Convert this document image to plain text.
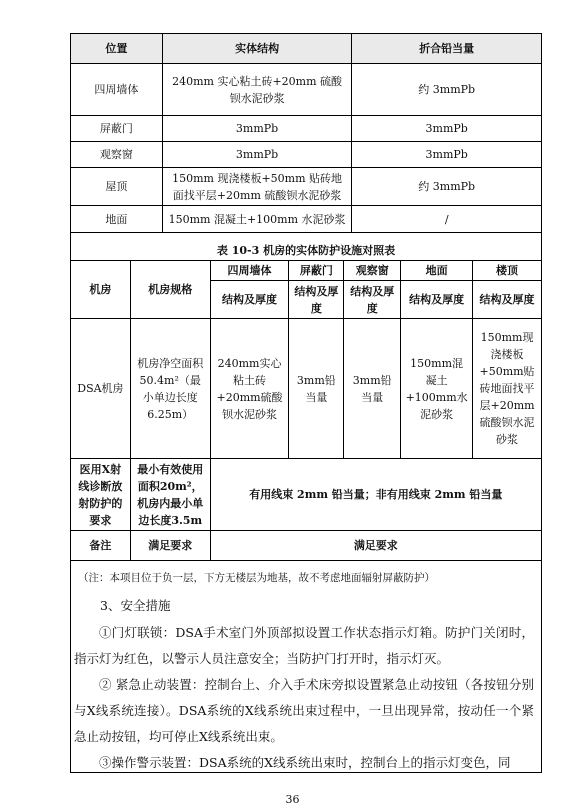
位置	实体结构	折合铅当量
四周墙体	240mm 实心粘土砖+20mm 硫酸钡水泥砂浆	约 3mmPb
屏蔽门	3mmPb	3mmPb
观察窗	3mmPb	3mmPb
屋顶	150mm 现浇楼板+50mm 贴砖地面找平层+20mm 硫酸钡水泥砂浆	约 3mmPb
地面	150mm 混凝土+100mm 水泥砂浆	/
表 10-3 机房的实体防护设施对照表
机房	机房规格	四周墙体	屏蔽门	观察窗	地面	楼顶
		结构及厚度	结构及厚度	结构及厚度	结构及厚度	结构及厚度
DSA机房	机房净空面积50.4m²（最小单边长度6.25m）	240mm实心粘土砖+20mm硫酸钡水泥砂浆	3mm铅当量	3mm铅当量	150mm混凝土+100mm水泥砂浆	150mm现浇楼板+50mm贴砖地面找平层+20mm硫酸钡水泥砂浆
医用X射线诊断放射防护的要求	最小有效使用面积20m²，机房内最小单边长度3.5m	有用线束 2mm 铅当量；非有用线束 2mm 铅当量				
备注	满足要求	满足要求				
（注：本项目位于负一层，下方无楼层为地基，故不考虑地面辐射屏蔽防护）
3、安全措施

①门灯联锁：DSA手术室门外顶部拟设置工作状态指示灯箱。防护门关闭时，指示灯为红色，以警示人员注意安全；当防护门打开时，指示灯灭。

② 紧急止动装置：控制台上、介入手术床旁拟设置紧急止动按钮（各按钮分别与X线系统连接）。DSA系统的X线系统出束过程中，一旦出现异常，按动任一个紧急止动按钮，均可停止X线系统出束。

③操作警示装置：DSA系统的X线系统出束时，控制台上的指示灯变色，同

36
